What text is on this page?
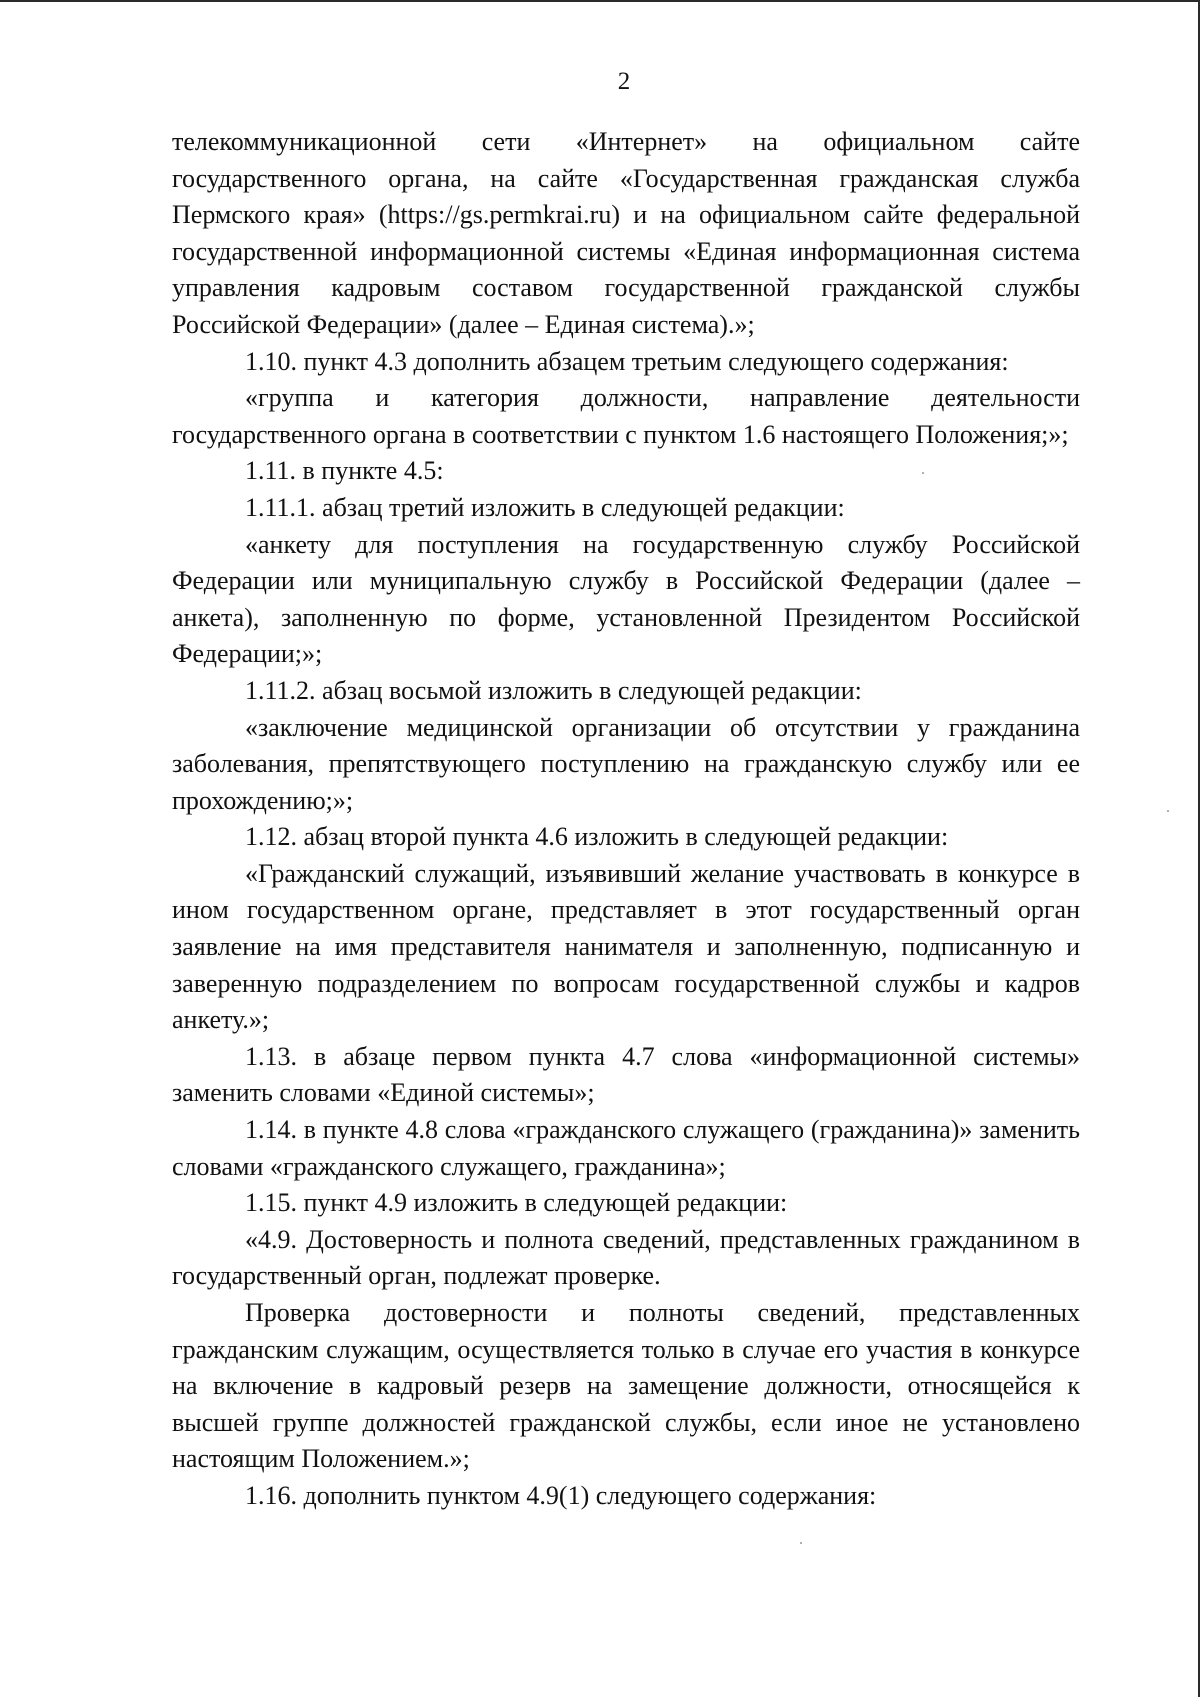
2

телекоммуникационной сети «Интернет» на официальном сайте государственного органа, на сайте «Государственная гражданская служба Пермского края» (https://gs.permkrai.ru) и на официальном сайте федеральной государственной информационной системы «Единая информационная система управления кадровым составом государственной гражданской службы Российской Федерации» (далее – Единая система).»;

1.10. пункт 4.3 дополнить абзацем третьим следующего содержания:

«группа и категория должности, направление деятельности государственного органа в соответствии с пунктом 1.6 настоящего Положения;»;

1.11. в пункте 4.5:

1.11.1. абзац третий изложить в следующей редакции:

«анкету для поступления на государственную службу Российской Федерации или муниципальную службу в Российской Федерации (далее – анкета), заполненную по форме, установленной Президентом Российской Федерации;»;

1.11.2. абзац восьмой изложить в следующей редакции:

«заключение медицинской организации об отсутствии у гражданина заболевания, препятствующего поступлению на гражданскую службу или ее прохождению;»;

1.12. абзац второй пункта 4.6 изложить в следующей редакции:

«Гражданский служащий, изъявивший желание участвовать в конкурсе в ином государственном органе, представляет в этот государственный орган заявление на имя представителя нанимателя и заполненную, подписанную и заверенную подразделением по вопросам государственной службы и кадров анкету.»;

1.13. в абзаце первом пункта 4.7 слова «информационной системы» заменить словами «Единой системы»;

1.14. в пункте 4.8 слова «гражданского служащего (гражданина)» заменить словами «гражданского служащего, гражданина»;

1.15. пункт 4.9 изложить в следующей редакции:

«4.9. Достоверность и полнота сведений, представленных гражданином в государственный орган, подлежат проверке.

Проверка достоверности и полноты сведений, представленных гражданским служащим, осуществляется только в случае его участия в конкурсе на включение в кадровый резерв на замещение должности, относящейся к высшей группе должностей гражданской службы, если иное не установлено настоящим Положением.»;

1.16. дополнить пунктом 4.9(1) следующего содержания:
